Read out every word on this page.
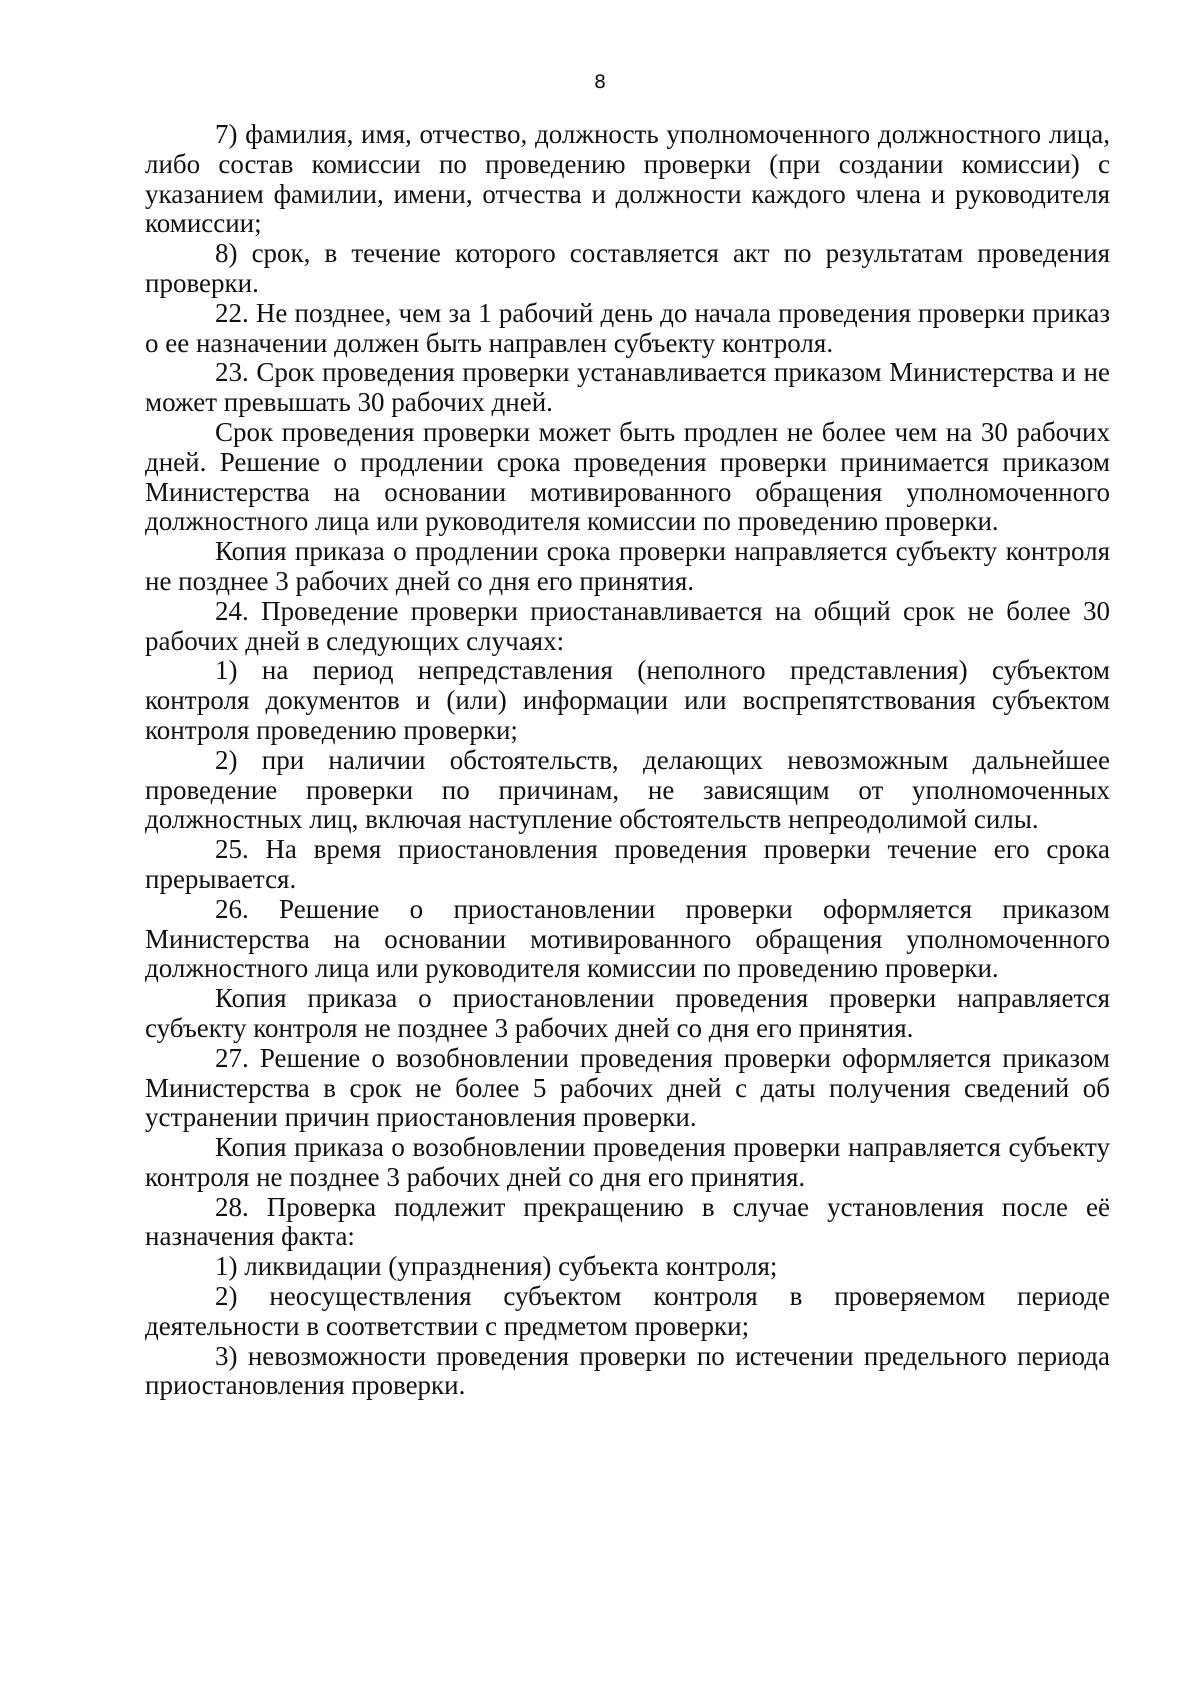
8

7) фамилия, имя, отчество, должность уполномоченного должностного лица, либо состав комиссии по проведению проверки (при создании комиссии) с указанием фамилии, имени, отчества и должности каждого члена и руководителя комиссии;

8) срок, в течение которого составляется акт по результатам проведения проверки.

22. Не позднее, чем за 1 рабочий день до начала проведения проверки приказ о ее назначении должен быть направлен субъекту контроля.

23. Срок проведения проверки устанавливается приказом Министерства и не может превышать 30 рабочих дней.

Срок проведения проверки может быть продлен не более чем на 30 рабочих дней. Решение о продлении срока проведения проверки принимается приказом Министерства на основании мотивированного обращения уполномоченного должностного лица или руководителя комиссии по проведению проверки.

Копия приказа о продлении срока проверки направляется субъекту контроля не позднее 3 рабочих дней со дня его принятия.

24. Проведение проверки приостанавливается на общий срок не более 30 рабочих дней в следующих случаях:

1) на период непредставления (неполного представления) субъектом контроля документов и (или) информации или воспрепятствования субъектом контроля проведению проверки;

2) при наличии обстоятельств, делающих невозможным дальнейшее проведение проверки по причинам, не зависящим от уполномоченных должностных лиц, включая наступление обстоятельств непреодолимой силы.

25. На время приостановления проведения проверки течение его срока прерывается.

26. Решение о приостановлении проверки оформляется приказом Министерства на основании мотивированного обращения уполномоченного должностного лица или руководителя комиссии по проведению проверки.

Копия приказа о приостановлении проведения проверки направляется субъекту контроля не позднее 3 рабочих дней со дня его принятия.

27. Решение о возобновлении проведения проверки оформляется приказом Министерства в срок не более 5 рабочих дней с даты получения сведений об устранении причин приостановления проверки.

Копия приказа о возобновлении проведения проверки направляется субъекту контроля не позднее 3 рабочих дней со дня его принятия.

28. Проверка подлежит прекращению в случае установления после её назначения факта:

1) ликвидации (упразднения) субъекта контроля;

2) неосуществления субъектом контроля в проверяемом периоде деятельности в соответствии с предметом проверки;

3) невозможности проведения проверки по истечении предельного периода приостановления проверки.
